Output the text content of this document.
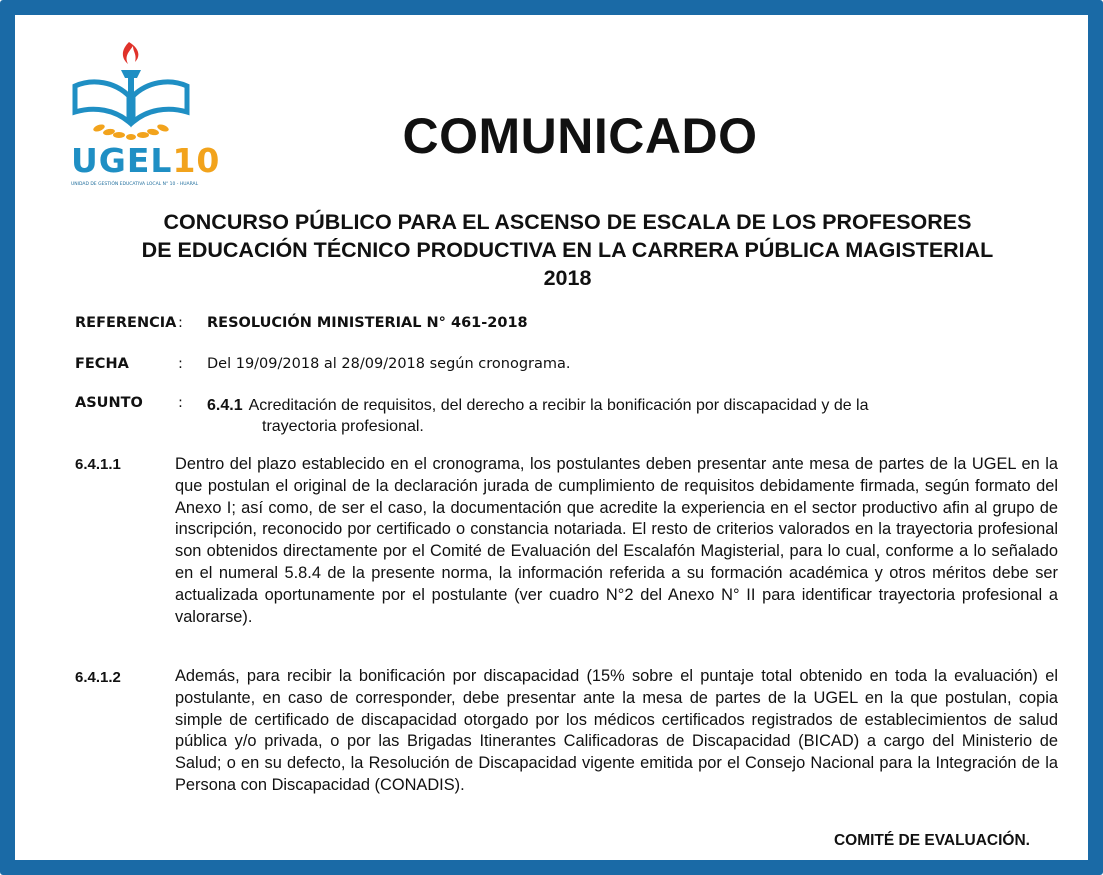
UGEL10
UNIDAD DE GESTIÓN EDUCATIVA LOCAL N° 10 - HUARAL
COMUNICADO
CONCURSO PÚBLICO PARA EL ASCENSO DE ESCALA DE LOS PROFESORES
DE EDUCACIÓN TÉCNICO PRODUCTIVA EN LA CARRERA PÚBLICA MAGISTERIAL
2018
REFERENCIA : RESOLUCIÓN MINISTERIAL N° 461-2018
FECHA	: Del 19/09/2018 al 28/09/2018 según cronograma.
ASUNTO : 6.4.1 Acreditación de requisitos, del derecho a recibir la bonificación por discapacidad y de la
trayectoria profesional.
6.4.1.1	Dentro del plazo establecido en el cronograma, los postulantes deben presentar ante mesa de partes de la UGEL en la que postulan el original de la declaración jurada de cumplimiento de requisitos debidamente firmada, según formato del Anexo I; así como, de ser el caso, la documentación que acredite la experiencia en el sector productivo afin al grupo de inscripción, reconocido por certificado o constancia notariada. El resto de criterios valorados en la trayectoria profesional son obtenidos directamente por el Comité de Evaluación del Escalafón Magisterial, para lo cual, conforme a lo señalado en el numeral 5.8.4 de la presente norma, la información referida a su formación académica y otros méritos debe ser actualizada oportunamente por el postulante (ver cuadro N°2 del Anexo N° II para identificar trayectoria profesional a valorarse).

6.4.1.2	Además, para recibir la bonificación por discapacidad (15% sobre el puntaje total obtenido en toda la evaluación) el postulante, en caso de corresponder, debe presentar ante la mesa de partes de la UGEL en la que postulan, copia simple de certificado de discapacidad otorgado por los médicos certificados registrados de establecimientos de salud pública y/o privada, o por las Brigadas Itinerantes Calificadoras de Discapacidad (BICAD) a cargo del Ministerio de Salud; o en su defecto, la Resolución de Discapacidad vigente emitida por el Consejo Nacional para la Integración de la Persona con Discapacidad (CONADIS).

COMITÉ DE EVALUACIÓN.
